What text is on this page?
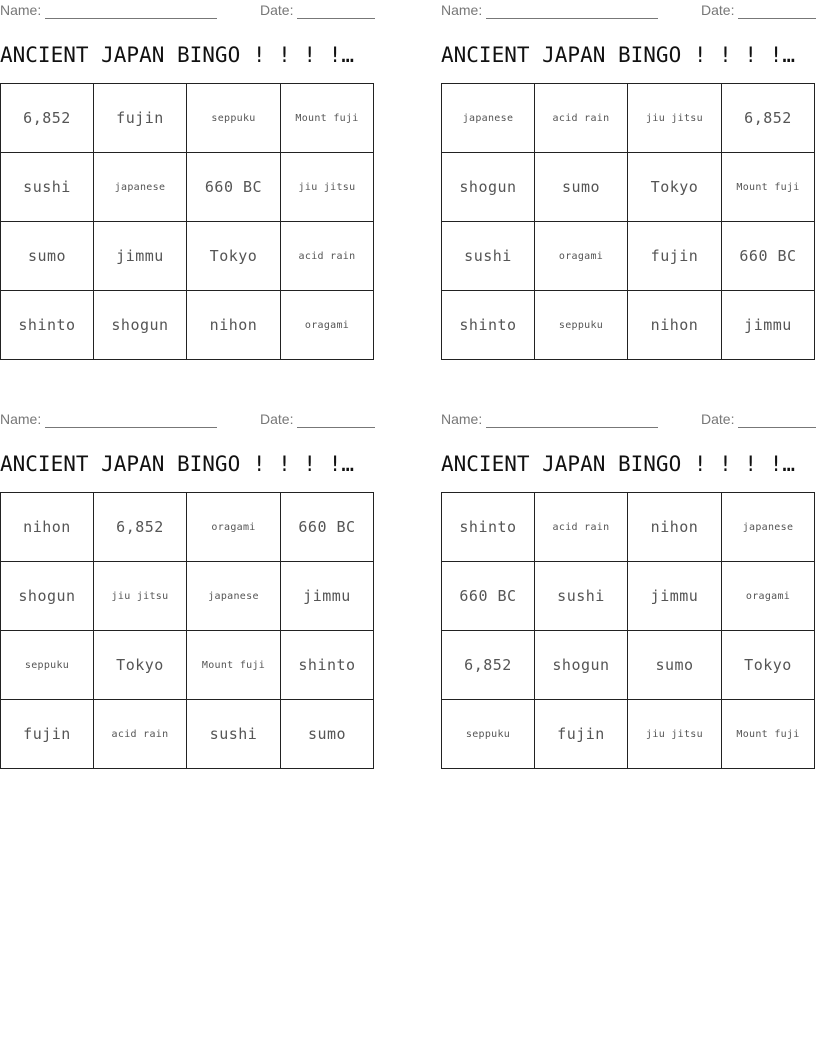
Name:	Date:
ANCIENT JAPAN BINGO ! ! ! !…
6,852	fujin	seppuku	Mount fuji
sushi	japanese	660 BC	jiu jitsu
sumo	jimmu	Tokyo	acid rain
shinto	shogun	nihon	oragami
Name:	Date:
ANCIENT JAPAN BINGO ! ! ! !…
japanese	acid rain	jiu jitsu	6,852
shogun	sumo	Tokyo	Mount fuji
sushi	oragami	fujin	660 BC
shinto	seppuku	nihon	jimmu
Name:	Date:
ANCIENT JAPAN BINGO ! ! ! !…
nihon	6,852	oragami	660 BC
shogun	jiu jitsu	japanese	jimmu
seppuku	Tokyo	Mount fuji	shinto
fujin	acid rain	sushi	sumo
Name:	Date:
ANCIENT JAPAN BINGO ! ! ! !…
shinto	acid rain	nihon	japanese
660 BC	sushi	jimmu	oragami
6,852	shogun	sumo	Tokyo
seppuku	fujin	jiu jitsu	Mount fuji
